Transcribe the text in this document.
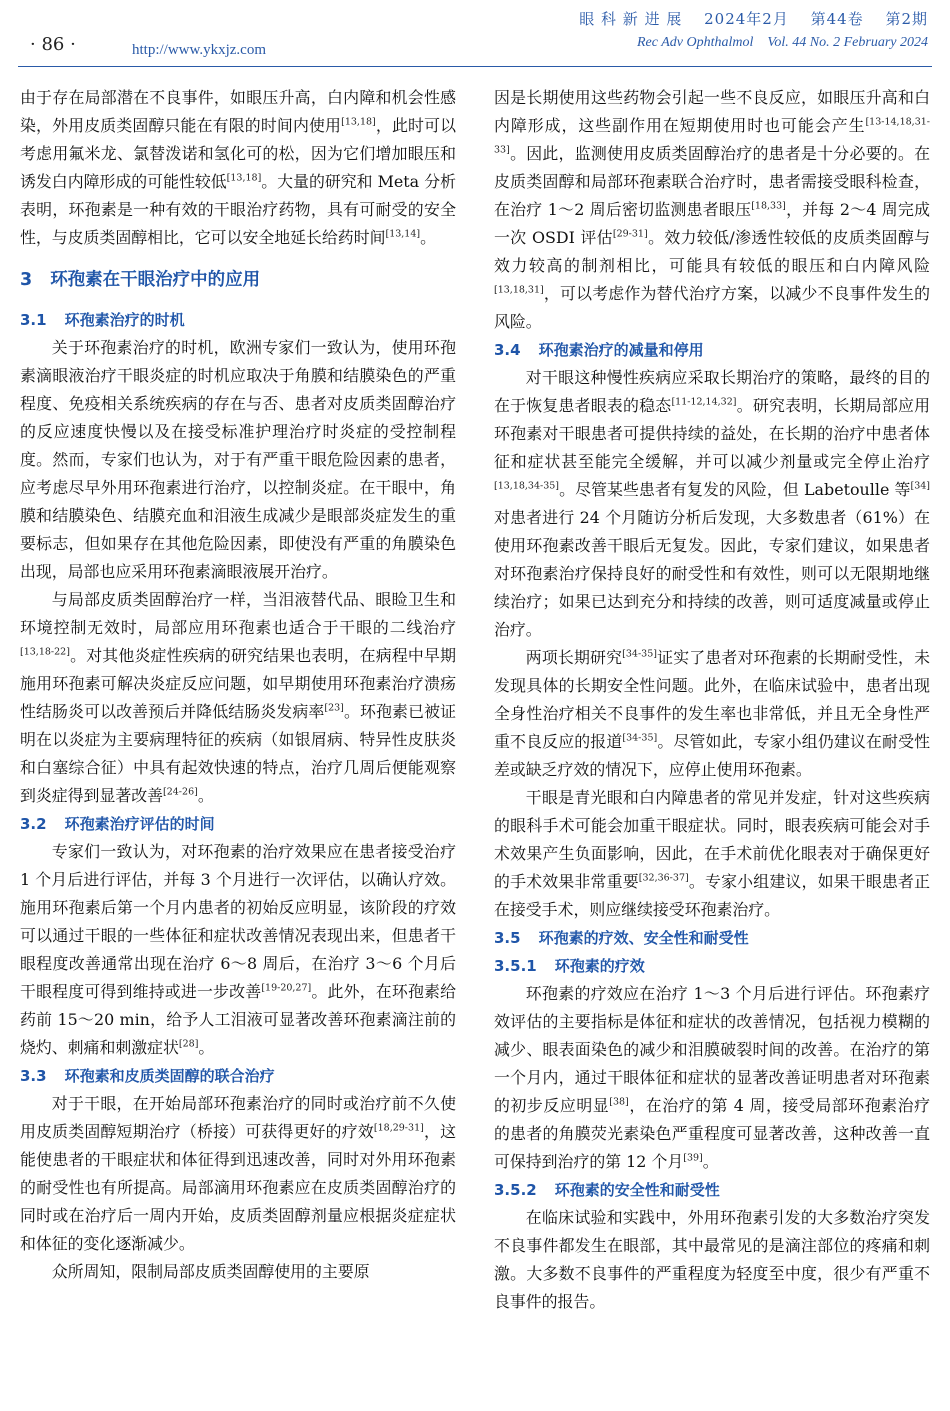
· 86 ·	http://www.ykxjz.com
眼 科 新 进 展　 2024年2月　 第44卷　 第2期
Rec Adv Ophthalmol　Vol. 44 No. 2 February 2024

由于存在局部潜在不良事件，如眼压升高，白内障和机会性感染，外用皮质类固醇只能在有限的时间内使用[13,18]，此时可以考虑用氟米龙、氯替泼诺和氢化可的松，因为它们增加眼压和诱发白内障形成的可能性较低[13,18]。大量的研究和 Meta 分析表明，环孢素是一种有效的干眼治疗药物，具有可耐受的安全性，与皮质类固醇相比，它可以安全地延长给药时间[13,14]。

3 环孢素在干眼治疗中的应用
3.1 环孢素治疗的时机

关于环孢素治疗的时机，欧洲专家们一致认为，使用环孢素滴眼液治疗干眼炎症的时机应取决于角膜和结膜染色的严重程度、免疫相关系统疾病的存在与否、患者对皮质类固醇治疗的反应速度快慢以及在接受标准护理治疗时炎症的受控制程度。然而，专家们也认为，对于有严重干眼危险因素的患者，应考虑尽早外用环孢素进行治疗，以控制炎症。在干眼中，角膜和结膜染色、结膜充血和泪液生成减少是眼部炎症发生的重要标志，但如果存在其他危险因素，即使没有严重的角膜染色出现，局部也应采用环孢素滴眼液展开治疗。

与局部皮质类固醇治疗一样，当泪液替代品、眼睑卫生和环境控制无效时，局部应用环孢素也适合于干眼的二线治疗[13,18-22]。对其他炎症性疾病的研究结果也表明，在病程中早期施用环孢素可解决炎症反应问题，如早期使用环孢素治疗溃疡性结肠炎可以改善预后并降低结肠炎发病率[23]。环孢素已被证明在以炎症为主要病理特征的疾病（如银屑病、特异性皮肤炎和白塞综合征）中具有起效快速的特点，治疗几周后便能观察到炎症得到显著改善[24-26]。

3.2 环孢素治疗评估的时间

专家们一致认为，对环孢素的治疗效果应在患者接受治疗 1 个月后进行评估，并每 3 个月进行一次评估，以确认疗效。施用环孢素后第一个月内患者的初始反应明显，该阶段的疗效可以通过干眼的一些体征和症状改善情况表现出来，但患者干眼程度改善通常出现在治疗 6～8 周后，在治疗 3～6 个月后干眼程度可得到维持或进一步改善[19-20,27]。此外，在环孢素给药前 15～20 min，给予人工泪液可显著改善环孢素滴注前的烧灼、刺痛和刺激症状[28]。

3.3 环孢素和皮质类固醇的联合治疗

对于干眼，在开始局部环孢素治疗的同时或治疗前不久使用皮质类固醇短期治疗（桥接）可获得更好的疗效[18,29-31]，这能使患者的干眼症状和体征得到迅速改善，同时对外用环孢素的耐受性也有所提高。局部滴用环孢素应在皮质类固醇治疗的同时或在治疗后一周内开始，皮质类固醇剂量应根据炎症症状和体征的变化逐渐减少。

众所周知，限制局部皮质类固醇使用的主要原

因是长期使用这些药物会引起一些不良反应，如眼压升高和白内障形成，这些副作用在短期使用时也可能会产生[13-14,18,31-33]。因此，监测使用皮质类固醇治疗的患者是十分必要的。在皮质类固醇和局部环孢素联合治疗时，患者需接受眼科检查，在治疗 1～2 周后密切监测患者眼压[18,33]，并每 2～4 周完成一次 OSDI 评估[29-31]。效力较低/渗透性较低的皮质类固醇与效力较高的制剂相比，可能具有较低的眼压和白内障风险[13,18,31]，可以考虑作为替代治疗方案，以减少不良事件发生的风险。

3.4 环孢素治疗的减量和停用

对干眼这种慢性疾病应采取长期治疗的策略，最终的目的在于恢复患者眼表的稳态[11-12,14,32]。研究表明，长期局部应用环孢素对干眼患者可提供持续的益处，在长期的治疗中患者体征和症状甚至能完全缓解，并可以减少剂量或完全停止治疗[13,18,34-35]。尽管某些患者有复发的风险，但 Labetoulle 等[34]对患者进行 24 个月随访分析后发现，大多数患者（61%）在使用环孢素改善干眼后无复发。因此，专家们建议，如果患者对环孢素治疗保持良好的耐受性和有效性，则可以无限期地继续治疗；如果已达到充分和持续的改善，则可适度减量或停止治疗。

两项长期研究[34-35]证实了患者对环孢素的长期耐受性，未发现具体的长期安全性问题。此外，在临床试验中，患者出现全身性治疗相关不良事件的发生率也非常低，并且无全身性严重不良反应的报道[34-35]。尽管如此，专家小组仍建议在耐受性差或缺乏疗效的情况下，应停止使用环孢素。

干眼是青光眼和白内障患者的常见并发症，针对这些疾病的眼科手术可能会加重干眼症状。同时，眼表疾病可能会对手术效果产生负面影响，因此，在手术前优化眼表对于确保更好的手术效果非常重要[32,36-37]。专家小组建议，如果干眼患者正在接受手术，则应继续接受环孢素治疗。

3.5 环孢素的疗效、安全性和耐受性
3.5.1 环孢素的疗效

环孢素的疗效应在治疗 1～3 个月后进行评估。环孢素疗效评估的主要指标是体征和症状的改善情况，包括视力模糊的减少、眼表面染色的减少和泪膜破裂时间的改善。在治疗的第一个月内，通过干眼体征和症状的显著改善证明患者对环孢素的初步反应明显[38]，在治疗的第 4 周，接受局部环孢素治疗的患者的角膜荧光素染色严重程度可显著改善，这种改善一直可保持到治疗的第 12 个月[39]。

3.5.2 环孢素的安全性和耐受性

在临床试验和实践中，外用环孢素引发的大多数治疗突发不良事件都发生在眼部，其中最常见的是滴注部位的疼痛和刺激。大多数不良事件的严重程度为轻度至中度，很少有严重不良事件的报告。
